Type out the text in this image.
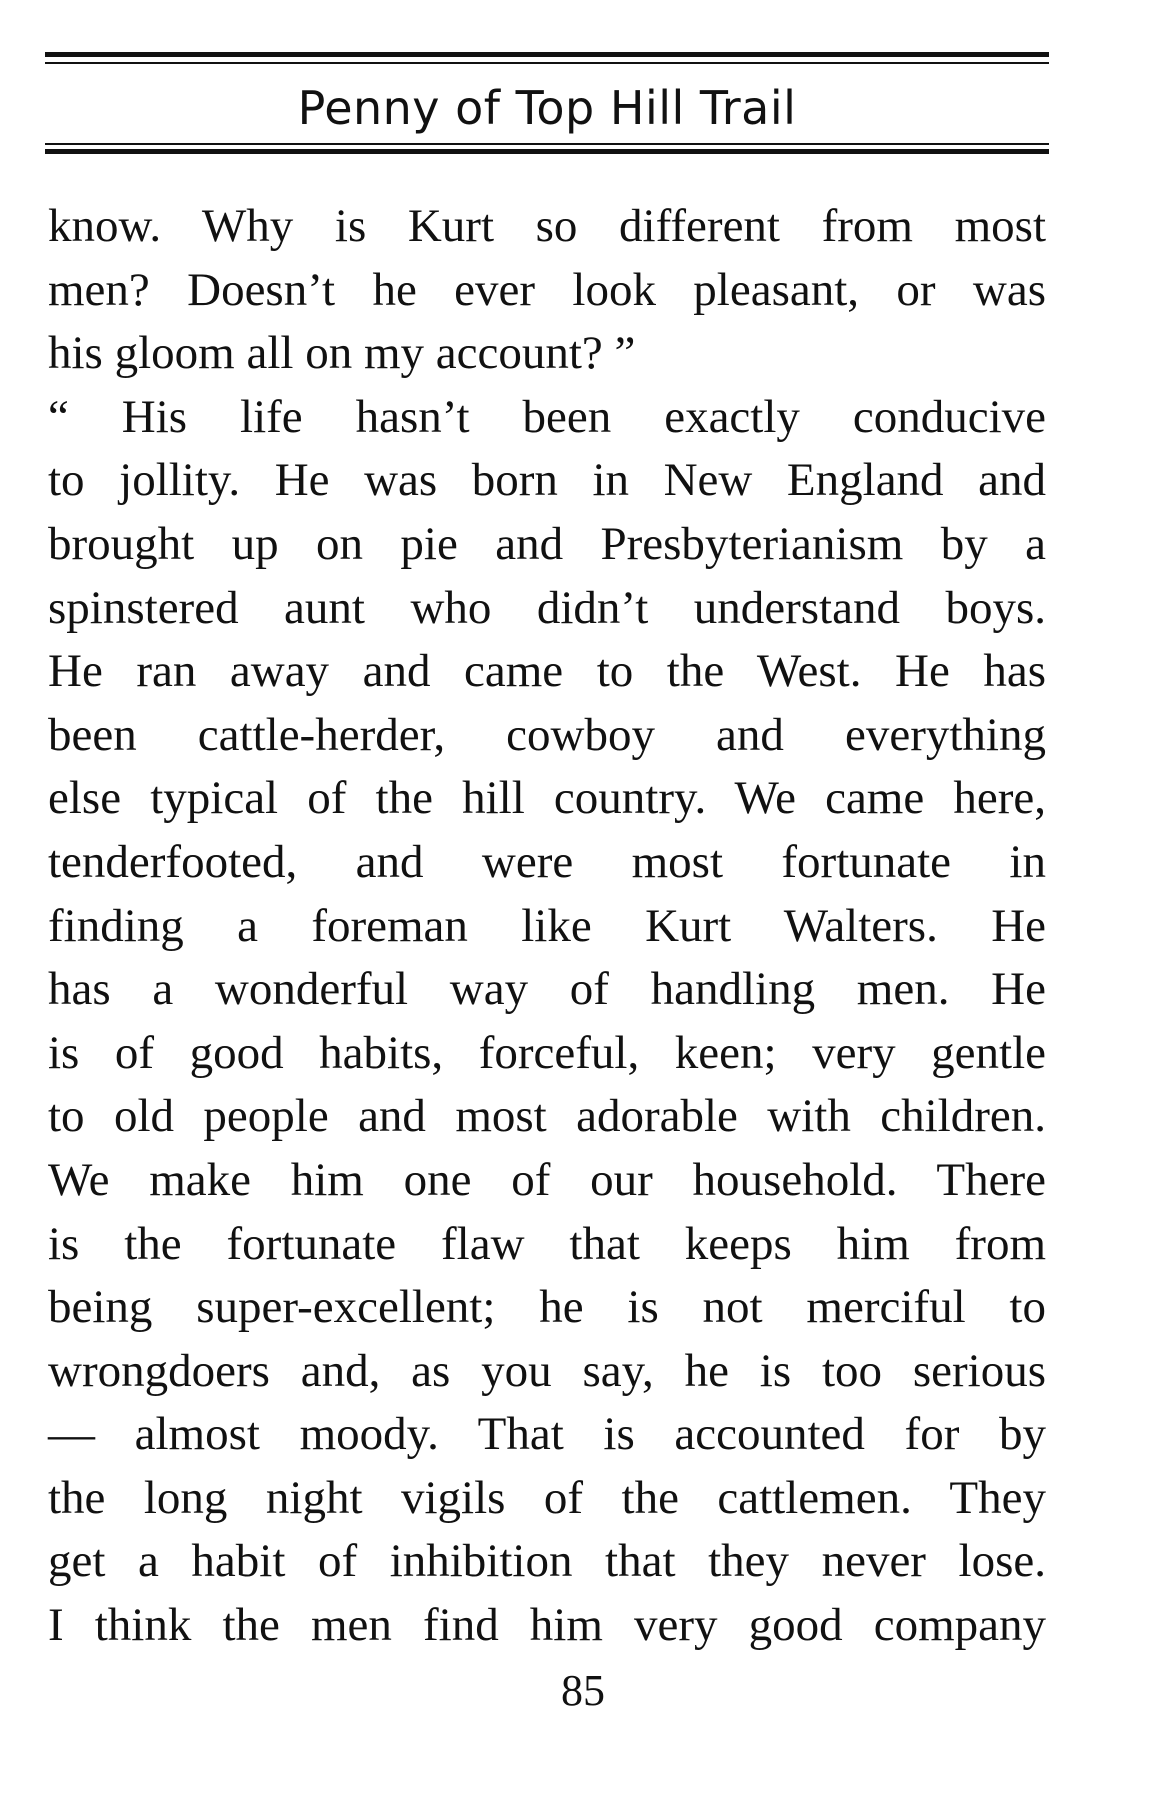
Penny of Top Hill Trail
know. Why is Kurt so different from most
men? Doesn’t he ever look pleasant, or was
his gloom all on my account? ”
“ His life hasn’t been exactly conducive
to jollity. He was born in New England and
brought up on pie and Presbyterianism by a
spinstered aunt who didn’t understand boys.
He ran away and came to the West. He has
been cattle-herder, cowboy and everything
else typical of the hill country. We came here,
tenderfooted, and were most fortunate in
finding a foreman like Kurt Walters. He
has a wonderful way of handling men. He
is of good habits, forceful, keen; very gentle
to old people and most adorable with children.
We make him one of our household. There
is the fortunate flaw that keeps him from
being super-excellent; he is not merciful to
wrongdoers and, as you say, he is too serious
— almost moody. That is accounted for by
the long night vigils of the cattlemen. They
get a habit of inhibition that they never lose.
I think the men find him very good company
85
